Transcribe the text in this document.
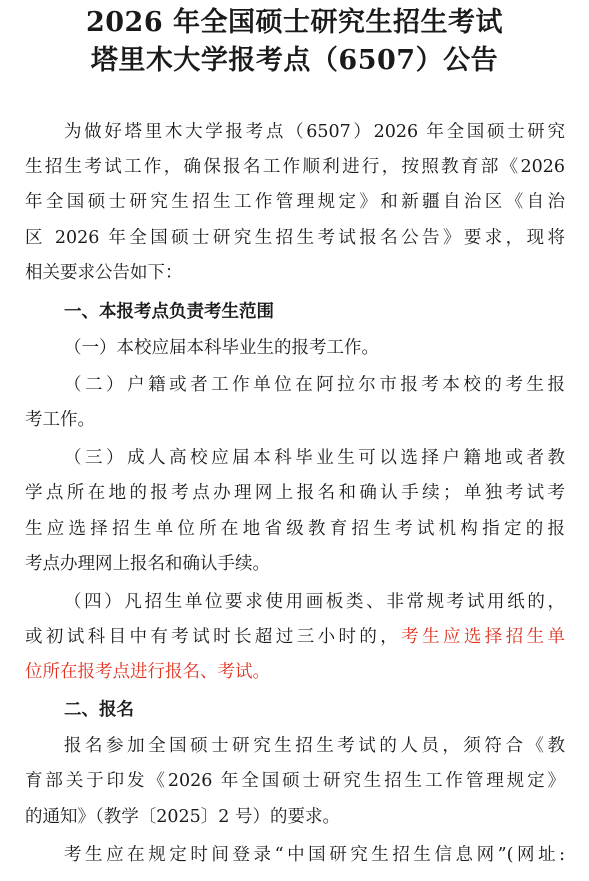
2026 年全国硕士研究生招生考试
塔里木大学报考点（6507）公告
为做好塔里木大学报考点（6507）2026 年全国硕士研究
生招生考试工作，确保报名工作顺利进行，按照教育部《2026
年全国硕士研究生招生工作管理规定》和新疆自治区《自治
区 2026 年全国硕士研究生招生考试报名公告》要求，现将
相关要求公告如下：
一、本报考点负责考生范围
（一）本校应届本科毕业生的报考工作。
（二）户籍或者工作单位在阿拉尔市报考本校的考生报
考工作。
（三）成人高校应届本科毕业生可以选择户籍地或者教
学点所在地的报考点办理网上报名和确认手续；单独考试考
生应选择招生单位所在地省级教育招生考试机构指定的报
考点办理网上报名和确认手续。
（四）凡招生单位要求使用画板类、非常规考试用纸的，
或初试科目中有考试时长超过三小时的，考生应选择招生单
位所在报考点进行报名、考试。
二、报名
报名参加全国硕士研究生招生考试的人员，须符合《教
育部关于印发《2026 年全国硕士研究生招生工作管理规定》
的通知》（教学〔2025〕2 号）的要求。
考生应在规定时间登录“中国研究生招生信息网”(网址:
